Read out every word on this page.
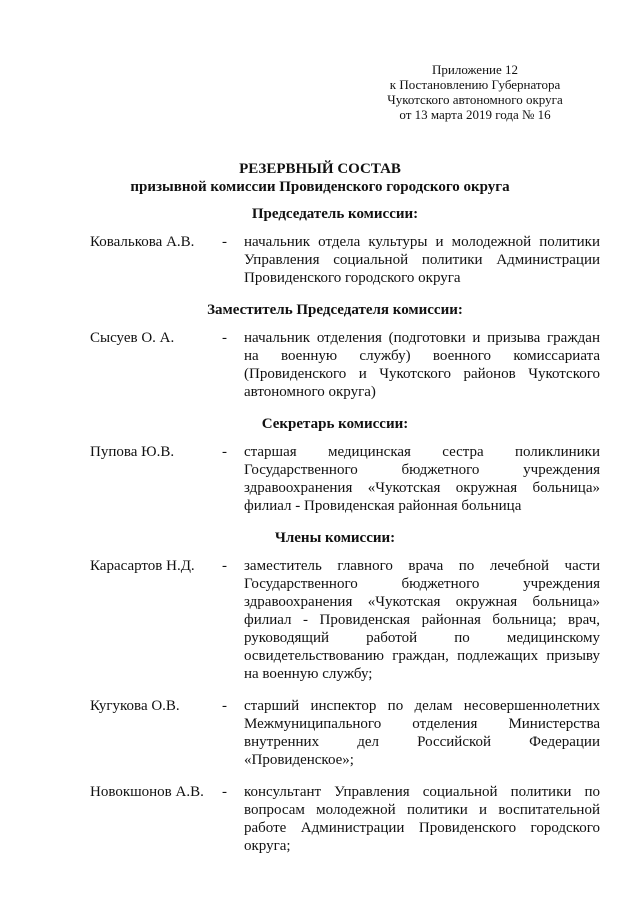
Приложение 12
к Постановлению Губернатора
Чукотского автономного округа
от 13 марта 2019 года № 16
РЕЗЕРВНЫЙ СОСТАВ
призывной комиссии Провиденского городского округа
Председатель комиссии:
Ковалькова А.В. - начальник отдела культуры и молодежной политики Управления социальной политики Администрации Провиденского городского округа
Заместитель Председателя комиссии:
Сысуев О. А.	- начальник отделения (подготовки и призыва граждан на военную службу) военного комиссариата (Провиденского и Чукотского районов Чукотского автономного округа)
Секретарь комиссии:
Пупова Ю.В.	- старшая медицинская сестра поликлиники Государственного бюджетного учреждения здравоохранения «Чукотская окружная больница» филиал - Провиденская районная больница
Члены комиссии:
Карасартов Н.Д. - заместитель главного врача по лечебной части Государственного бюджетного учреждения здравоохранения «Чукотская окружная больница» филиал - Провиденская районная больница; врач, руководящий работой по медицинскому освидетельствованию граждан, подлежащих призыву на военную службу;
Кугукова О.В.	- старший инспектор по делам несовершеннолетних Межмуниципального отделения Министерства внутренних дел Российской Федерации «Провиденское»;
Новокшонов А.В. - консультант Управления социальной политики по вопросам молодежной политики и воспитательной работе Администрации Провиденского городского округа;
